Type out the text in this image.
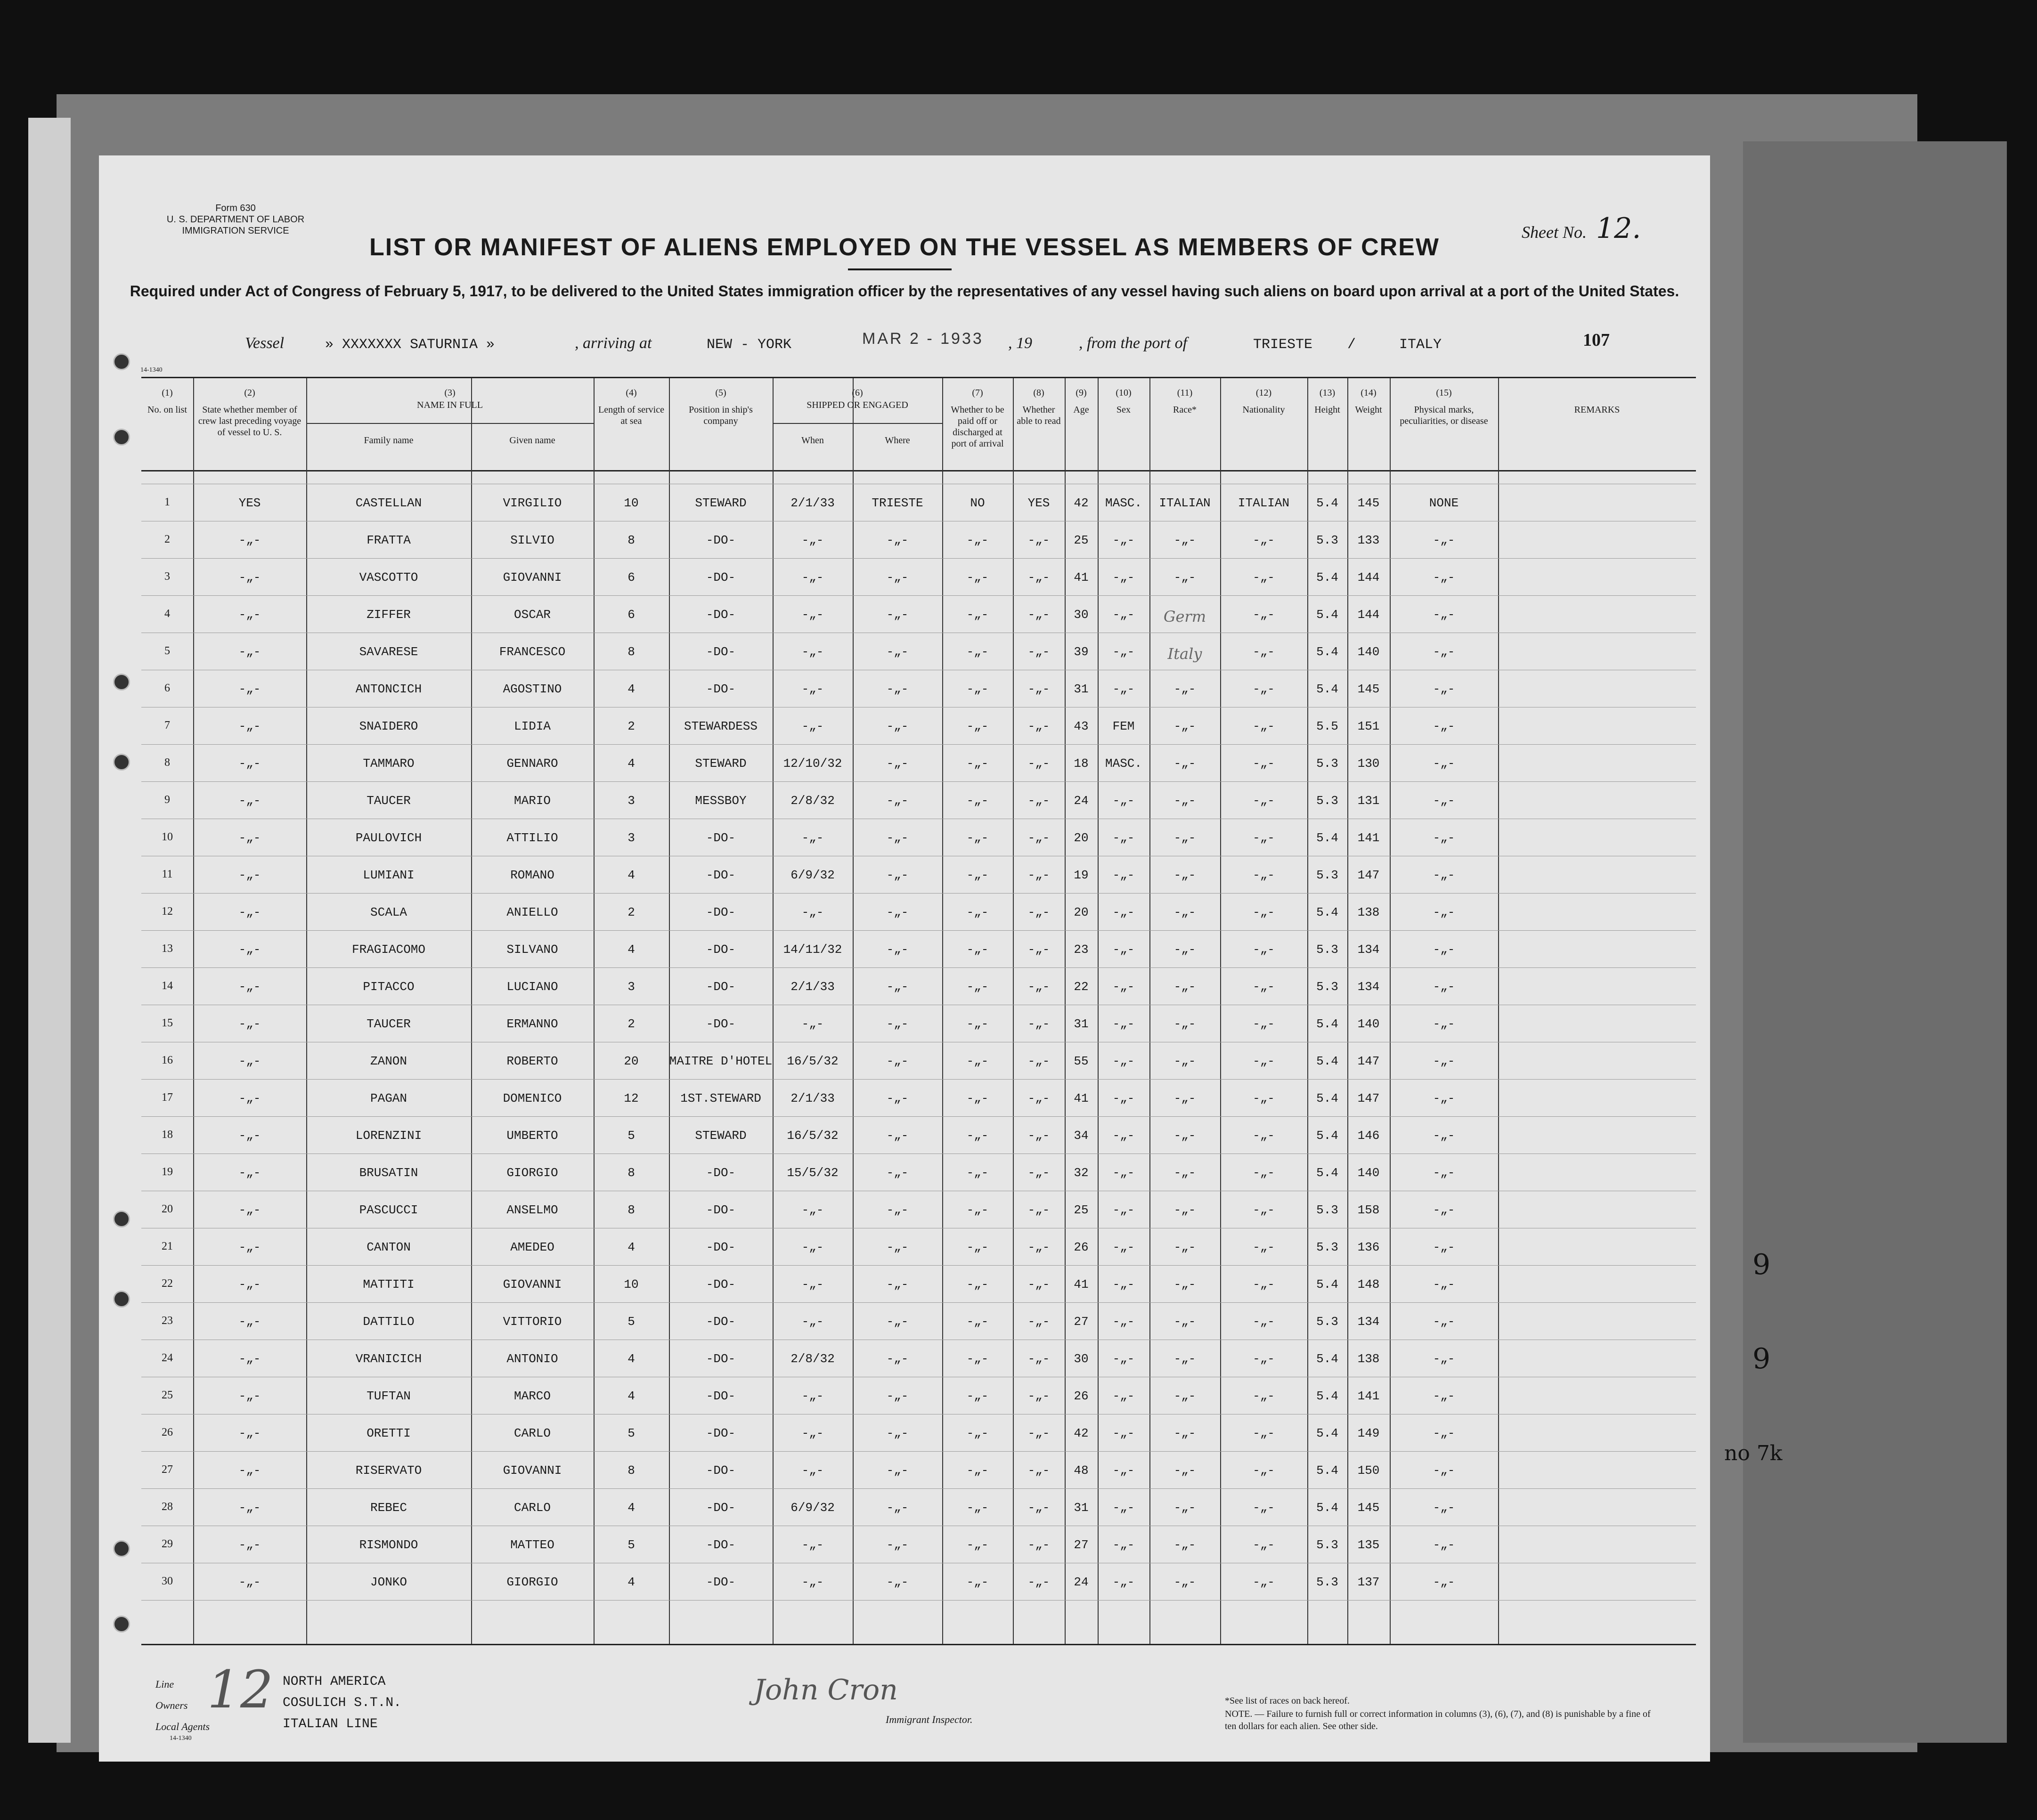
9
9
no 7k
Form 630
U. S. DEPARTMENT OF LABOR
IMMIGRATION SERVICE	Sheet No. 12.
LIST OR MANIFEST OF ALIENS EMPLOYED ON THE VESSEL AS MEMBERS OF CREW
Required under Act of Congress of February 5, 1917, to be delivered to the United States immigration officer by the representatives of any vessel having such aliens on board upon arrival at a port of the United States.
Vessel	» XXXXXXX SATURNIA »	, arriving at	NEW - YORK	MAR 2 - 1933 , 19	, from the port of	TRIESTE /	ITALY	107
14-1340
(1)
No. on list
(2)
State whether member of crew last preceding voyage of vessel to U. S.
(3)
NAME IN FULL
Family name	Given name
(4)
Length of service at sea
(5)
Position in ship's company
(6)
SHIPPED OR ENGAGED
When	Where
(7)
Whether to be paid off or discharged at port of arrival
(8)
Whether able to read
(9)
Age
(10)
Sex
(11)
Race*
(12)
Nationality
(13)
Height
(14)
Weight
(15)
Physical marks, peculiarities, or disease
REMARKS
1	YES	CASTELLAN	VIRGILIO	10	STEWARD	2/1/33	TRIESTE	NO	YES	42	MASC.	ITALIAN	ITALIAN	5.4	145	NONE
2	-„-	FRATTA	SILVIO	8	-DO-	-„-	-„-	-„-	-„-	25	-„-	-„-	-„-	5.3	133	-„-
3	-„-	VASCOTTO	GIOVANNI	6	-DO-	-„-	-„-	-„-	-„-	41	-„-	-„-	-„-	5.4	144	-„-
4	-„-	ZIFFER	OSCAR	6	-DO-	-„-	-„-	-„-	-„-	30	-„-	Germ	-„-	5.4	144	-„-
5	-„-	SAVARESE	FRANCESCO	8	-DO-	-„-	-„-	-„-	-„-	39	-„-	Italy	-„-	5.4	140	-„-
6	-„-	ANTONCICH	AGOSTINO	4	-DO-	-„-	-„-	-„-	-„-	31	-„-	-„-	-„-	5.4	145	-„-
7	-„-	SNAIDERO	LIDIA	2	STEWARDESS	-„-	-„-	-„-	-„-	43	FEM	-„-	-„-	5.5	151	-„-
8	-„-	TAMMARO	GENNARO	4	STEWARD	12/10/32	-„-	-„-	-„-	18	MASC.	-„-	-„-	5.3	130	-„-
9	-„-	TAUCER	MARIO	3	MESSBOY	2/8/32	-„-	-„-	-„-	24	-„-	-„-	-„-	5.3	131	-„-
10	-„-	PAULOVICH	ATTILIO	3	-DO-	-„-	-„-	-„-	-„-	20	-„-	-„-	-„-	5.4	141	-„-
11	-„-	LUMIANI	ROMANO	4	-DO-	6/9/32	-„-	-„-	-„-	19	-„-	-„-	-„-	5.3	147	-„-
12	-„-	SCALA	ANIELLO	2	-DO-	-„-	-„-	-„-	-„-	20	-„-	-„-	-„-	5.4	138	-„-
13	-„-	FRAGIACOMO	SILVANO	4	-DO-	14/11/32	-„-	-„-	-„-	23	-„-	-„-	-„-	5.3	134	-„-
14	-„-	PITACCO	LUCIANO	3	-DO-	2/1/33	-„-	-„-	-„-	22	-„-	-„-	-„-	5.3	134	-„-
15	-„-	TAUCER	ERMANNO	2	-DO-	-„-	-„-	-„-	-„-	31	-„-	-„-	-„-	5.4	140	-„-
16	-„-	ZANON	ROBERTO	20	MAITRE D'HOTEL	16/5/32	-„-	-„-	-„-	55	-„-	-„-	-„-	5.4	147	-„-
17	-„-	PAGAN	DOMENICO	12	1ST.STEWARD	2/1/33	-„-	-„-	-„-	41	-„-	-„-	-„-	5.4	147	-„-
18	-„-	LORENZINI	UMBERTO	5	STEWARD	16/5/32	-„-	-„-	-„-	34	-„-	-„-	-„-	5.4	146	-„-
19	-„-	BRUSATIN	GIORGIO	8	-DO-	15/5/32	-„-	-„-	-„-	32	-„-	-„-	-„-	5.4	140	-„-
20	-„-	PASCUCCI	ANSELMO	8	-DO-	-„-	-„-	-„-	-„-	25	-„-	-„-	-„-	5.3	158	-„-
21	-„-	CANTON	AMEDEO	4	-DO-	-„-	-„-	-„-	-„-	26	-„-	-„-	-„-	5.3	136	-„-
22	-„-	MATTITI	GIOVANNI	10	-DO-	-„-	-„-	-„-	-„-	41	-„-	-„-	-„-	5.4	148	-„-
23	-„-	DATTILO	VITTORIO	5	-DO-	-„-	-„-	-„-	-„-	27	-„-	-„-	-„-	5.3	134	-„-
24	-„-	VRANICICH	ANTONIO	4	-DO-	2/8/32	-„-	-„-	-„-	30	-„-	-„-	-„-	5.4	138	-„-
25	-„-	TUFTAN	MARCO	4	-DO-	-„-	-„-	-„-	-„-	26	-„-	-„-	-„-	5.4	141	-„-
26	-„-	ORETTI	CARLO	5	-DO-	-„-	-„-	-„-	-„-	42	-„-	-„-	-„-	5.4	149	-„-
27	-„-	RISERVATO	GIOVANNI	8	-DO-	-„-	-„-	-„-	-„-	48	-„-	-„-	-„-	5.4	150	-„-
28	-„-	REBEC	CARLO	4	-DO-	6/9/32	-„-	-„-	-„-	31	-„-	-„-	-„-	5.4	145	-„-
29	-„-	RISMONDO	MATTEO	5	-DO-	-„-	-„-	-„-	-„-	27	-„-	-„-	-„-	5.3	135	-„-
30	-„-	JONKO	GIORGIO	4	-DO-	-„-	-„-	-„-	-„-	24	-„-	-„-	-„-	5.3	137	-„-
Line	NORTH AMERICA
Owners	COSULICH S.T.N.
Local Agents	ITALIAN LINE
14-1340
12	John Cron
Immigrant Inspector.
*See list of races on back hereof.
NOTE. — Failure to furnish full or correct information in columns (3), (6), (7), and (8) is punishable by a fine of ten dollars for each alien. See other side.
